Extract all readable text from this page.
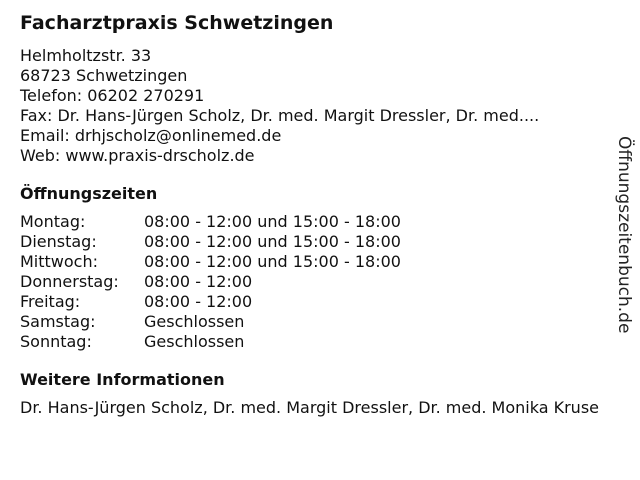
Facharztpraxis Schwetzingen
Helmholtzstr. 33
68723 Schwetzingen
Telefon: 06202 270291
Fax: Dr. Hans-Jürgen Scholz, Dr. med. Margit Dressler, Dr. med....
Email: drhjscholz@onlinemed.de
Web: www.praxis-drscholz.de
Öffnungszeiten
Montag:	08:00 - 12:00 und 15:00 - 18:00
Dienstag:	08:00 - 12:00 und 15:00 - 18:00
Mittwoch:	08:00 - 12:00 und 15:00 - 18:00
Donnerstag:	08:00 - 12:00
Freitag:	08:00 - 12:00
Samstag:	Geschlossen
Sonntag:	Geschlossen
Weitere Informationen
Dr. Hans-Jürgen Scholz, Dr. med. Margit Dressler, Dr. med. Monika Kruse
Öffnungszeitenbuch.de
